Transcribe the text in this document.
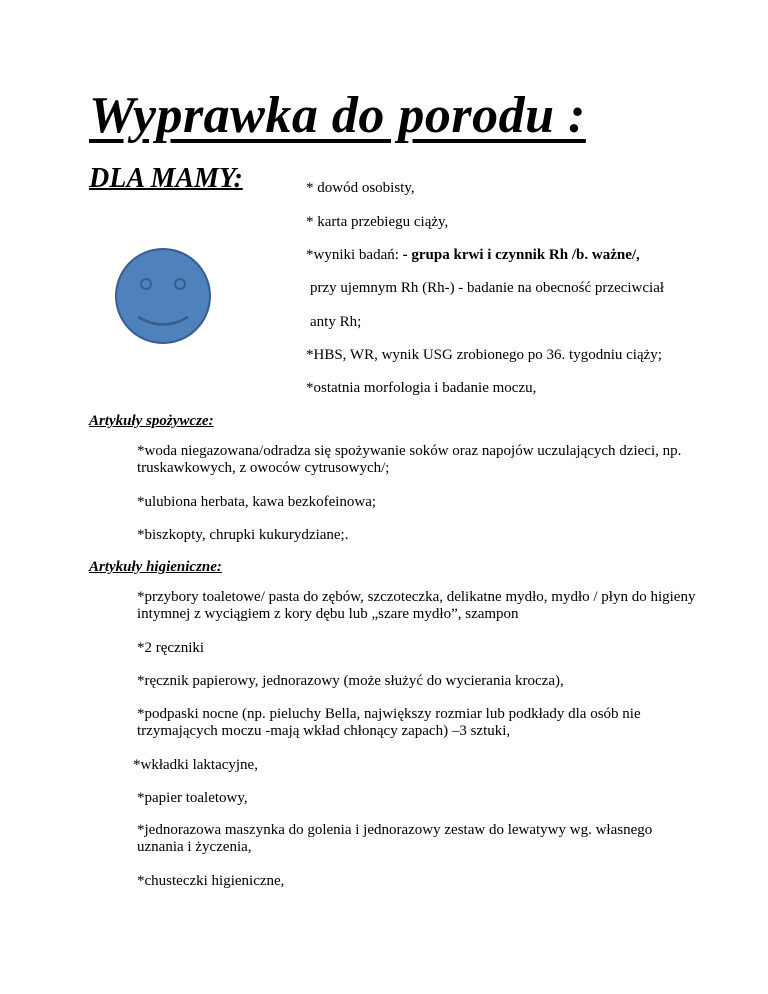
Wyprawka do porodu :
DLA MAMY:	* dowód osobisty,
* karta przebiegu ciąży,
*wyniki badań: - grupa krwi i czynnik Rh /b. ważne/,
przy ujemnym Rh (Rh-) - badanie na obecność przeciwciał
anty Rh;
*HBS, WR, wynik USG zrobionego po 36. tygodniu ciąży;
*ostatnia morfologia i badanie moczu,
Artykuły spożywcze:
*woda niegazowana/odradza się spożywanie soków oraz napojów uczulających dzieci, np. truskawkowych, z owoców cytrusowych/;
*ulubiona herbata, kawa bezkofeinowa;
*biszkopty, chrupki kukurydziane;.
Artykuły higieniczne:
*przybory toaletowe/ pasta do zębów, szczoteczka, delikatne mydło, mydło / płyn do higieny intymnej z wyciągiem z kory dębu lub „szare mydło”, szampon
*2 ręczniki
*ręcznik papierowy, jednorazowy (może służyć do wycierania krocza),
*podpaski nocne (np. pieluchy Bella, największy rozmiar lub podkłady dla osób nie trzymających moczu -mają wkład chłonący zapach) –3 sztuki,
*wkładki laktacyjne,
*papier toaletowy,
*jednorazowa maszynka do golenia i jednorazowy zestaw do lewatywy wg. własnego uznania i życzenia,
*chusteczki higieniczne,
